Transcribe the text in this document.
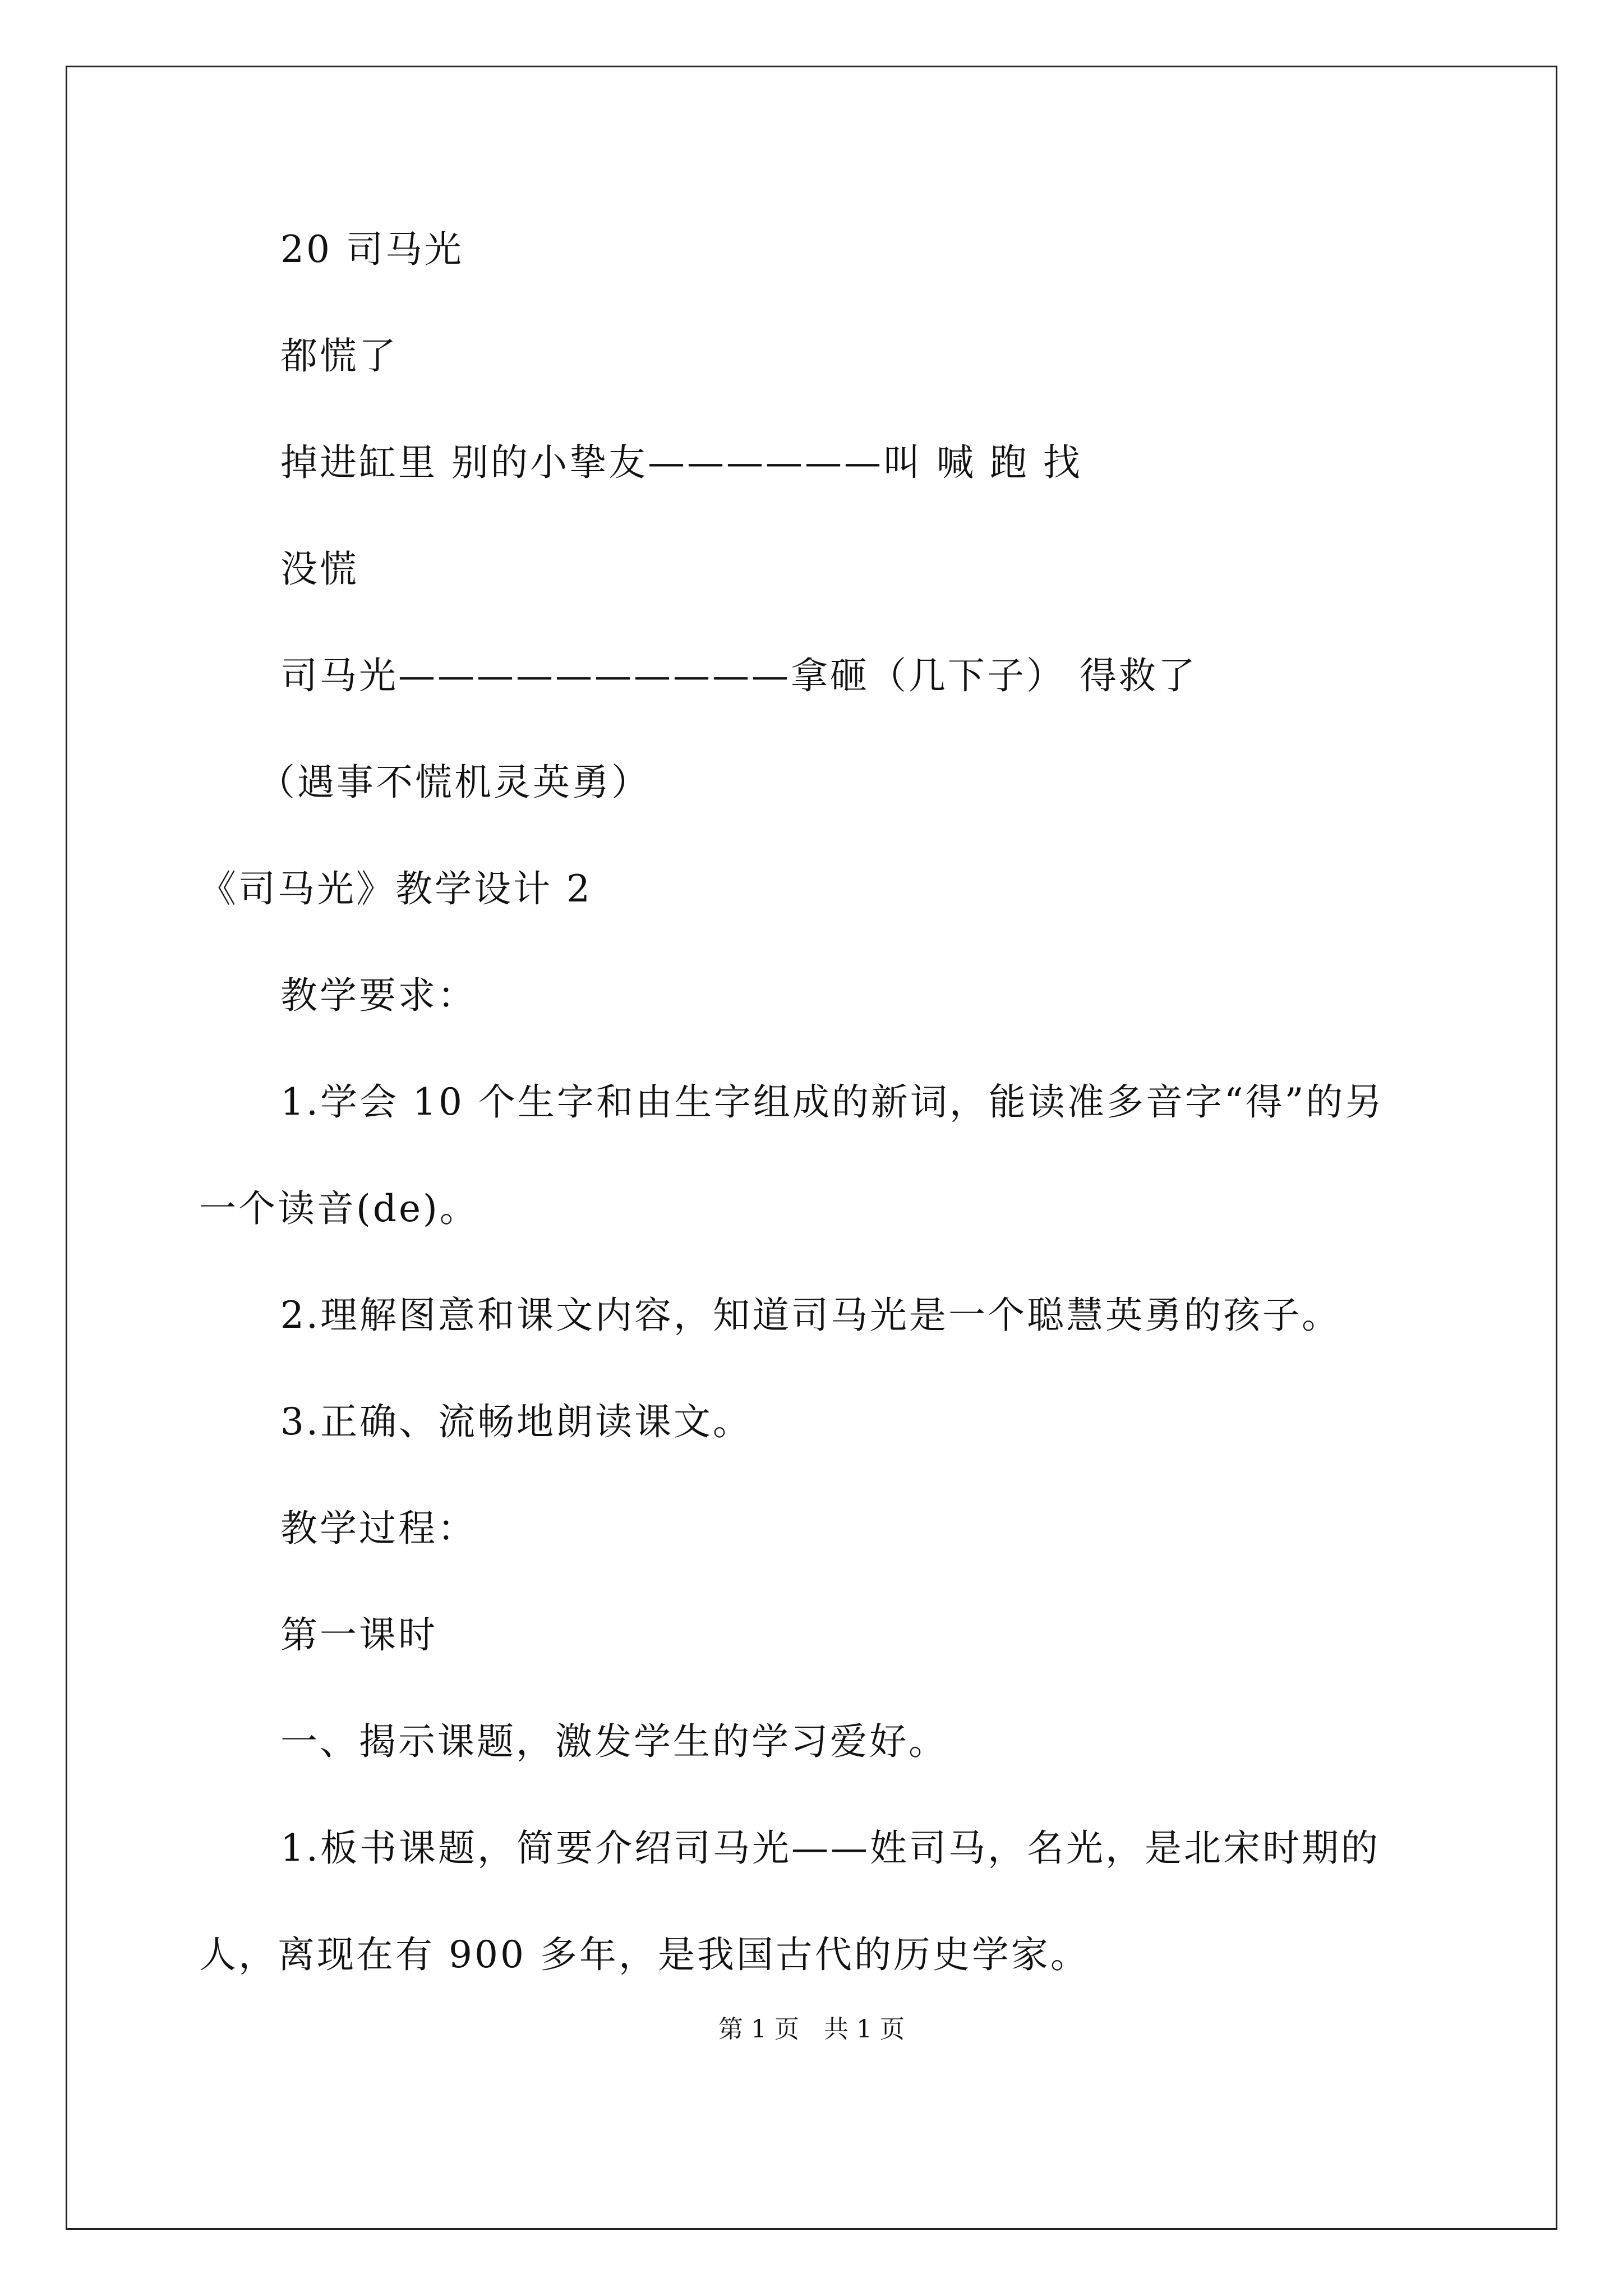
20 司马光
都慌了
掉进缸里 别的小挚友——————叫 喊 跑 找
没慌
司马光——————————拿砸（几下子） 得救了
（遇事不慌机灵英勇）
《司马光》教学设计 2
教学要求：
1.学会 10 个生字和由生字组成的新词，能读准多音字“得”的另
一个读音(de)。
2.理解图意和课文内容，知道司马光是一个聪慧英勇的孩子。
3.正确、流畅地朗读课文。
教学过程：
第一课时
一、揭示课题，激发学生的学习爱好。
1.板书课题，简要介绍司马光——姓司马，名光，是北宋时期的
人，离现在有 900 多年，是我国古代的历史学家。
第 1 页　共 1 页
